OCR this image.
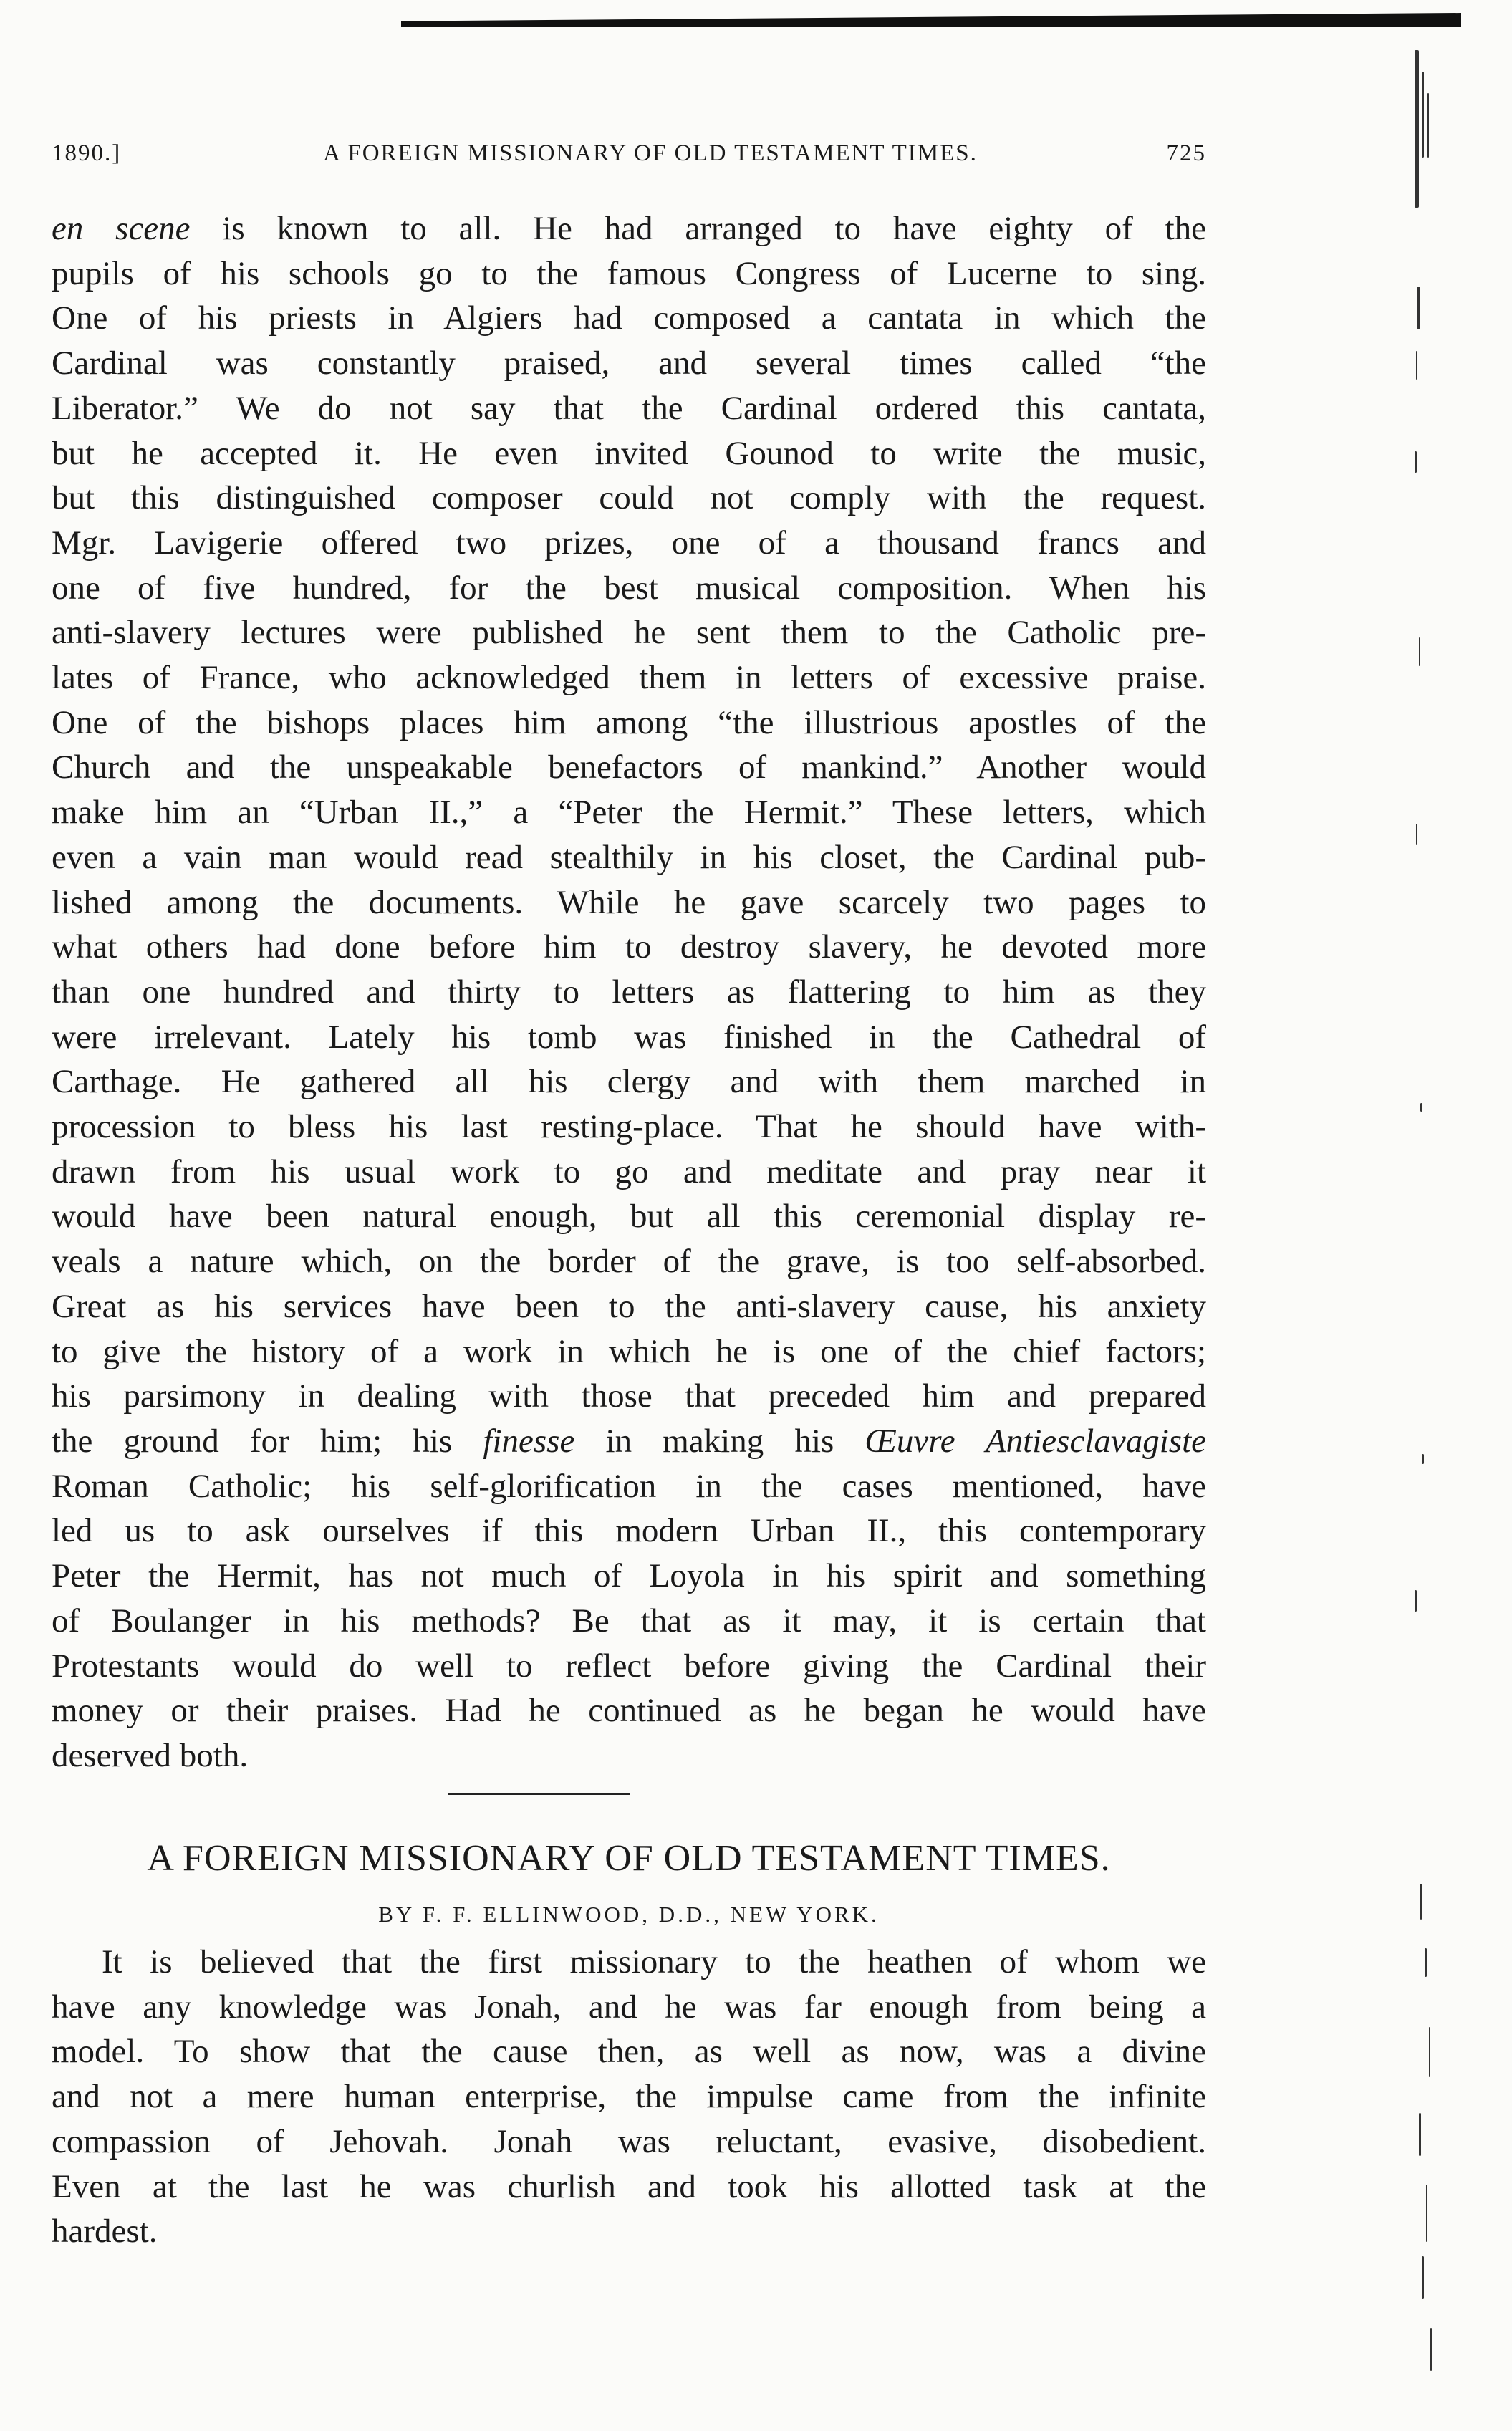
1890.]	A FOREIGN MISSIONARY OF OLD TESTAMENT TIMES.	725
en scene is known to all. He had arranged to have eighty of the
pupils of his schools go to the famous Congress of Lucerne to sing.
One of his priests in Algiers had composed a cantata in which the
Cardinal was constantly praised, and several times called “the
Liberator.” We do not say that the Cardinal ordered this cantata,
but he accepted it. He even invited Gounod to write the music,
but this distinguished composer could not comply with the request.
Mgr. Lavigerie offered two prizes, one of a thousand francs and
one of five hundred, for the best musical composition. When his
anti-slavery lectures were published he sent them to the Catholic pre-
lates of France, who acknowledged them in letters of excessive praise.
One of the bishops places him among “the illustrious apostles of the
Church and the unspeakable benefactors of mankind.” Another would
make him an “Urban II.,” a “Peter the Hermit.” These letters, which
even a vain man would read stealthily in his closet, the Cardinal pub-
lished among the documents. While he gave scarcely two pages to
what others had done before him to destroy slavery, he devoted more
than one hundred and thirty to letters as flattering to him as they
were irrelevant. Lately his tomb was finished in the Cathedral of
Carthage. He gathered all his clergy and with them marched in
procession to bless his last resting-place. That he should have with-
drawn from his usual work to go and meditate and pray near it
would have been natural enough, but all this ceremonial display re-
veals a nature which, on the border of the grave, is too self-absorbed.
Great as his services have been to the anti-slavery cause, his anxiety
to give the history of a work in which he is one of the chief factors;
his parsimony in dealing with those that preceded him and prepared
the ground for him; his finesse in making his Œuvre Antiesclavagiste
Roman Catholic; his self-glorification in the cases mentioned, have
led us to ask ourselves if this modern Urban II., this contemporary
Peter the Hermit, has not much of Loyola in his spirit and something
of Boulanger in his methods? Be that as it may, it is certain that
Protestants would do well to reflect before giving the Cardinal their
money or their praises. Had he continued as he began he would have
deserved both.
A FOREIGN MISSIONARY OF OLD TESTAMENT TIMES.
BY F. F. ELLINWOOD, D.D., NEW YORK.
It is believed that the first missionary to the heathen of whom we
have any knowledge was Jonah, and he was far enough from being a
model. To show that the cause then, as well as now, was a divine
and not a mere human enterprise, the impulse came from the infinite
compassion of Jehovah. Jonah was reluctant, evasive, disobedient.
Even at the last he was churlish and took his allotted task at the
hardest.
